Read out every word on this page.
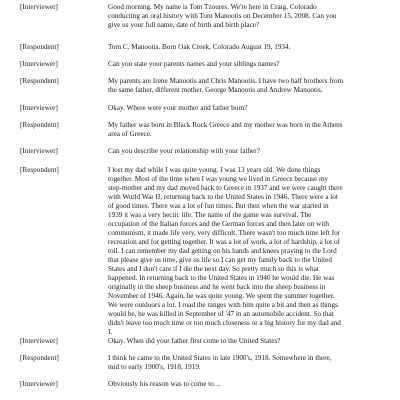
[Interviewer]	Good morning. My name is Tom Tzoures. We're here in Craig, Colorado
conducting an oral history with Tom Manootis on December 15, 2008. Can you
give us your full name, date of birth and birth place?
[Respondent]	Tom C. Manootis. Born Oak Creek, Colorado August 19, 1934.
[Interviewer]	Can you state your parents names and your siblings names?
[Respondent]	My parents are Irene Manootis and Chris Manootis. I have two half brothers from
the same father, different mother. George Manootis and Andrew Manootis.
[Interviewer]	Okay. Where were your mother and father born?
[Respondent]	My father was born in Black Rock Greece and my mother was born in the Athens
area of Greece.
[Interviewer]	Can you describe your relationship with your father?
[Respondent]	I lost my dad while I was quite young. I was 13 years old. We done things
together. Most of the time when I was young we lived in Greece because my
step-mother and my dad moved back to Greece in 1937 and we were caught there
with World War II, returning back to the United States in 1946. There were a lot
of good times. There was a lot of fun times. But then when the war started in
1939 it was a very hectic life. The name of the game was survival. The
occupation of the Italian forces and the German forces and then later on with
communism, it made life very, very difficult. There wasn't too much time left for
recreation and for getting together. It was a lot of work, a lot of hardship, a lot of
toil. I can remember my dad getting on his hands and knees praying to the Lord
that please give us time, give us life so I can get my family back to the United
States and I don't care if I die the next day. So pretty much so this is what
happened. In returning back to the United States in 1946 he would die. He was
originally in the sheep business and he went back into the sheep business in
November of 1946. Again, he was quite young. We spent the summer together.
We were outdoors a lot. I road the ranges with him quite a bit and then as things
would be, he was killed in September of '47 in an automobile accident. So that
didn't leave too much time or too much closeness or a big history for my dad and
I.
[Interviewer]	Okay. When did your father first come to the United States?
[Respondent]	I think he came to the United States in late 1900's, 1918. Somewhere in there,
mid to early 1900's, 1918, 1919.
[Interviewer]	Obviously his reason was to come to…
